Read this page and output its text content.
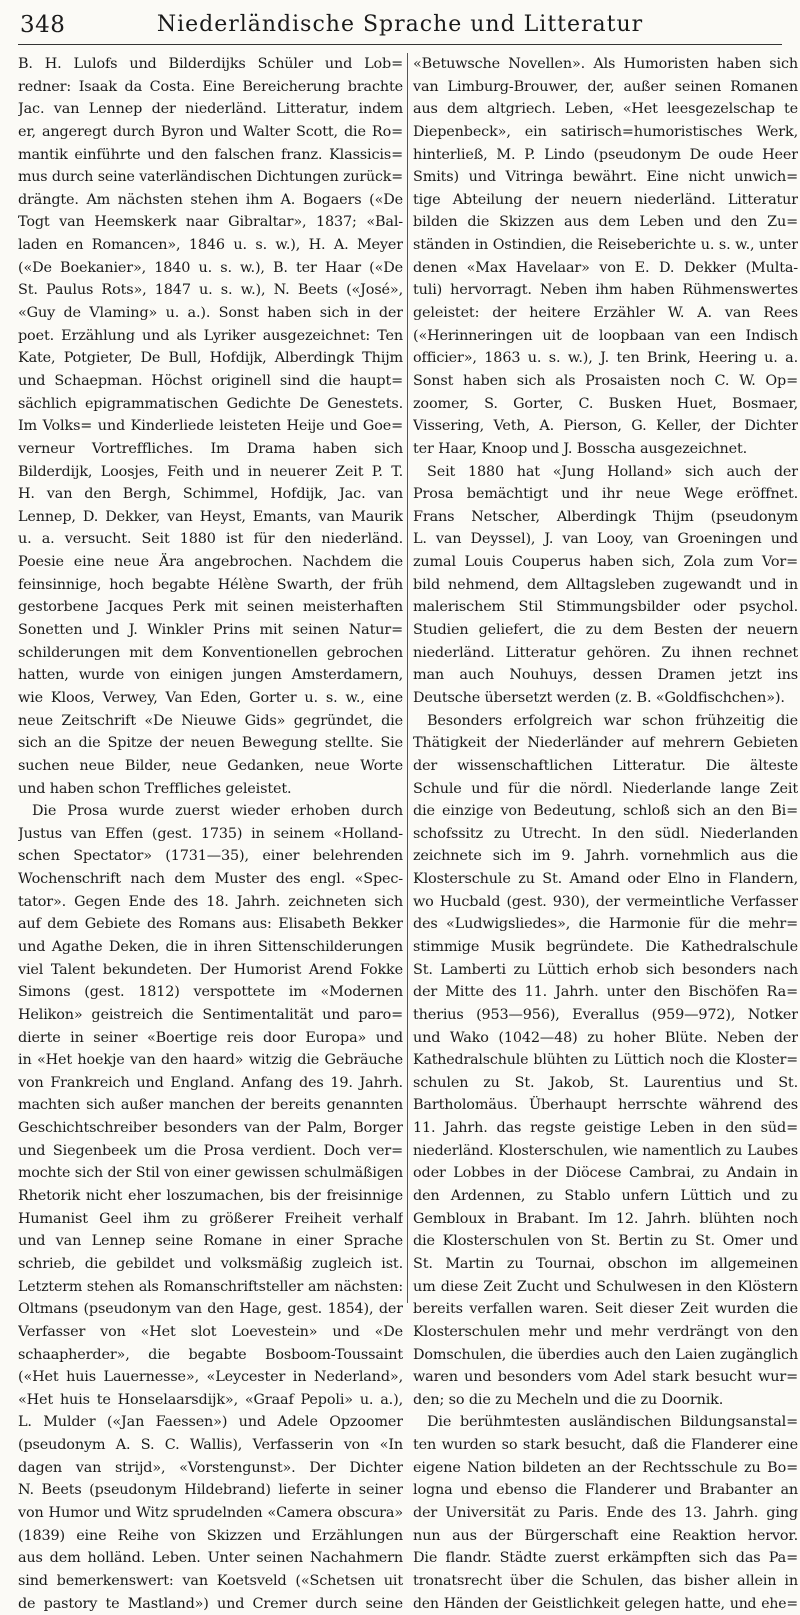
348	Niederländische Sprache und Litteratur
B. H. Lulofs und Bilderdijks Schüler und Lob=
redner: Isaak da Costa. Eine Bereicherung brachte
Jac. van Lennep der niederländ. Litteratur, indem
er, angeregt durch Byron und Walter Scott, die Ro=
mantik einführte und den falschen franz. Klassicis=
mus durch seine vaterländischen Dichtungen zurück=
drängte. Am nächsten stehen ihm A. Bogaers («De
Togt van Heemskerk naar Gibraltar», 1837; «Bal-
laden en Romancen», 1846 u. s. w.), H. A. Meyer
(«De Boekanier», 1840 u. s. w.), B. ter Haar («De
St. Paulus Rots», 1847 u. s. w.), N. Beets («José»,
«Guy de Vlaming» u. a.). Sonst haben sich in der
poet. Erzählung und als Lyriker ausgezeichnet: Ten
Kate, Potgieter, De Bull, Hofdijk, Alberdingk Thijm
und Schaepman. Höchst originell sind die haupt=
sächlich epigrammatischen Gedichte De Genestets.
Im Volks= und Kinderliede leisteten Heije und Goe=
verneur Vortreffliches. Im Drama haben sich
Bilderdijk, Loosjes, Feith und in neuerer Zeit P. T.
H. van den Bergh, Schimmel, Hofdijk, Jac. van
Lennep, D. Dekker, van Heyst, Emants, van Maurik
u. a. versucht. Seit 1880 ist für den niederländ.
Poesie eine neue Ära angebrochen. Nachdem die
feinsinnige, hoch begabte Hélène Swarth, der früh
gestorbene Jacques Perk mit seinen meisterhaften
Sonetten und J. Winkler Prins mit seinen Natur=
schilderungen mit dem Konventionellen gebrochen
hatten, wurde von einigen jungen Amsterdamern,
wie Kloos, Verwey, Van Eden, Gorter u. s. w., eine
neue Zeitschrift «De Nieuwe Gids» gegründet, die
sich an die Spitze der neuen Bewegung stellte. Sie
suchen neue Bilder, neue Gedanken, neue Worte
und haben schon Treffliches geleistet.
Die Prosa wurde zuerst wieder erhoben durch
Justus van Effen (gest. 1735) in seinem «Holland-
schen Spectator» (1731—35), einer belehrenden
Wochenschrift nach dem Muster des engl. «Spec-
tator». Gegen Ende des 18. Jahrh. zeichneten sich
auf dem Gebiete des Romans aus: Elisabeth Bekker
und Agathe Deken, die in ihren Sittenschilderungen
viel Talent bekundeten. Der Humorist Arend Fokke
Simons (gest. 1812) verspottete im «Modernen
Helikon» geistreich die Sentimentalität und paro=
dierte in seiner «Boertige reis door Europa» und
in «Het hoekje van den haard» witzig die Gebräuche
von Frankreich und England. Anfang des 19. Jahrh.
machten sich außer manchen der bereits genannten
Geschichtschreiber besonders van der Palm, Borger
und Siegenbeek um die Prosa verdient. Doch ver=
mochte sich der Stil von einer gewissen schulmäßigen
Rhetorik nicht eher loszumachen, bis der freisinnige
Humanist Geel ihm zu größerer Freiheit verhalf
und van Lennep seine Romane in einer Sprache
schrieb, die gebildet und volksmäßig zugleich ist.
Letzterm stehen als Romanschriftsteller am nächsten:
Oltmans (pseudonym van den Hage, gest. 1854), der
Verfasser von «Het slot Loevestein» und «De
schaapherder», die begabte Bosboom-Toussaint
(«Het huis Lauernesse», «Leycester in Nederland»,
«Het huis te Honselaarsdijk», «Graaf Pepoli» u. a.),
L. Mulder («Jan Faessen») und Adele Opzoomer
(pseudonym A. S. C. Wallis), Verfasserin von «In
dagen van strijd», «Vorstengunst». Der Dichter
N. Beets (pseudonym Hildebrand) lieferte in seiner
von Humor und Witz sprudelnden «Camera obscura»
(1839) eine Reihe von Skizzen und Erzählungen
aus dem holländ. Leben. Unter seinen Nachahmern
sind bemerkenswert: van Koetsveld («Schetsen uit
de pastory te Mastland») und Cremer durch seine
«Betuwsche Novellen». Als Humoristen haben sich
van Limburg-Brouwer, der, außer seinen Romanen
aus dem altgriech. Leben, «Het leesgezelschap te
Diepenbeck», ein satirisch=humoristisches Werk,
hinterließ, M. P. Lindo (pseudonym De oude Heer
Smits) und Vitringa bewährt. Eine nicht unwich=
tige Abteilung der neuern niederländ. Litteratur
bilden die Skizzen aus dem Leben und den Zu=
ständen in Ostindien, die Reiseberichte u. s. w., unter
denen «Max Havelaar» von E. D. Dekker (Multa-
tuli) hervorragt. Neben ihm haben Rühmenswertes
geleistet: der heitere Erzähler W. A. van Rees
(«Herinneringen uit de loopbaan van een Indisch
officier», 1863 u. s. w.), J. ten Brink, Heering u. a.
Sonst haben sich als Prosaisten noch C. W. Op=
zoomer, S. Gorter, C. Busken Huet, Bosmaer,
Vissering, Veth, A. Pierson, G. Keller, der Dichter
ter Haar, Knoop und J. Bosscha ausgezeichnet.
Seit 1880 hat «Jung Holland» sich auch der
Prosa bemächtigt und ihr neue Wege eröffnet.
Frans Netscher, Alberdingk Thijm (pseudonym
L. van Deyssel), J. van Looy, van Groeningen und
zumal Louis Couperus haben sich, Zola zum Vor=
bild nehmend, dem Alltagsleben zugewandt und in
malerischem Stil Stimmungsbilder oder psychol.
Studien geliefert, die zu dem Besten der neuern
niederländ. Litteratur gehören. Zu ihnen rechnet
man auch Nouhuys, dessen Dramen jetzt ins
Deutsche übersetzt werden (z. B. «Goldfischchen»).
Besonders erfolgreich war schon frühzeitig die
Thätigkeit der Niederländer auf mehrern Gebieten
der wissenschaftlichen Litteratur. Die älteste
Schule und für die nördl. Niederlande lange Zeit
die einzige von Bedeutung, schloß sich an den Bi=
schofssitz zu Utrecht. In den südl. Niederlanden
zeichnete sich im 9. Jahrh. vornehmlich aus die
Klosterschule zu St. Amand oder Elno in Flandern,
wo Hucbald (gest. 930), der vermeintliche Verfasser
des «Ludwigsliedes», die Harmonie für die mehr=
stimmige Musik begründete. Die Kathedralschule
St. Lamberti zu Lüttich erhob sich besonders nach
der Mitte des 11. Jahrh. unter den Bischöfen Ra=
therius (953—956), Everallus (959—972), Notker
und Wako (1042—48) zu hoher Blüte. Neben der
Kathedralschule blühten zu Lüttich noch die Kloster=
schulen zu St. Jakob, St. Laurentius und St.
Bartholomäus. Überhaupt herrschte während des
11. Jahrh. das regste geistige Leben in den süd=
niederländ. Klosterschulen, wie namentlich zu Laubes
oder Lobbes in der Diöcese Cambrai, zu Andain in
den Ardennen, zu Stablo unfern Lüttich und zu
Gembloux in Brabant. Im 12. Jahrh. blühten noch
die Klosterschulen von St. Bertin zu St. Omer und
St. Martin zu Tournai, obschon im allgemeinen
um diese Zeit Zucht und Schulwesen in den Klöstern
bereits verfallen waren. Seit dieser Zeit wurden die
Klosterschulen mehr und mehr verdrängt von den
Domschulen, die überdies auch den Laien zugänglich
waren und besonders vom Adel stark besucht wur=
den; so die zu Mecheln und die zu Doornik.
Die berühmtesten ausländischen Bildungsanstal=
ten wurden so stark besucht, daß die Flanderer eine
eigene Nation bildeten an der Rechtsschule zu Bo=
logna und ebenso die Flanderer und Brabanter an
der Universität zu Paris. Ende des 13. Jahrh. ging
nun aus der Bürgerschaft eine Reaktion hervor.
Die flandr. Städte zuerst erkämpften sich das Pa=
tronatsrecht über die Schulen, das bisher allein in
den Händen der Geistlichkeit gelegen hatte, und ehe=
